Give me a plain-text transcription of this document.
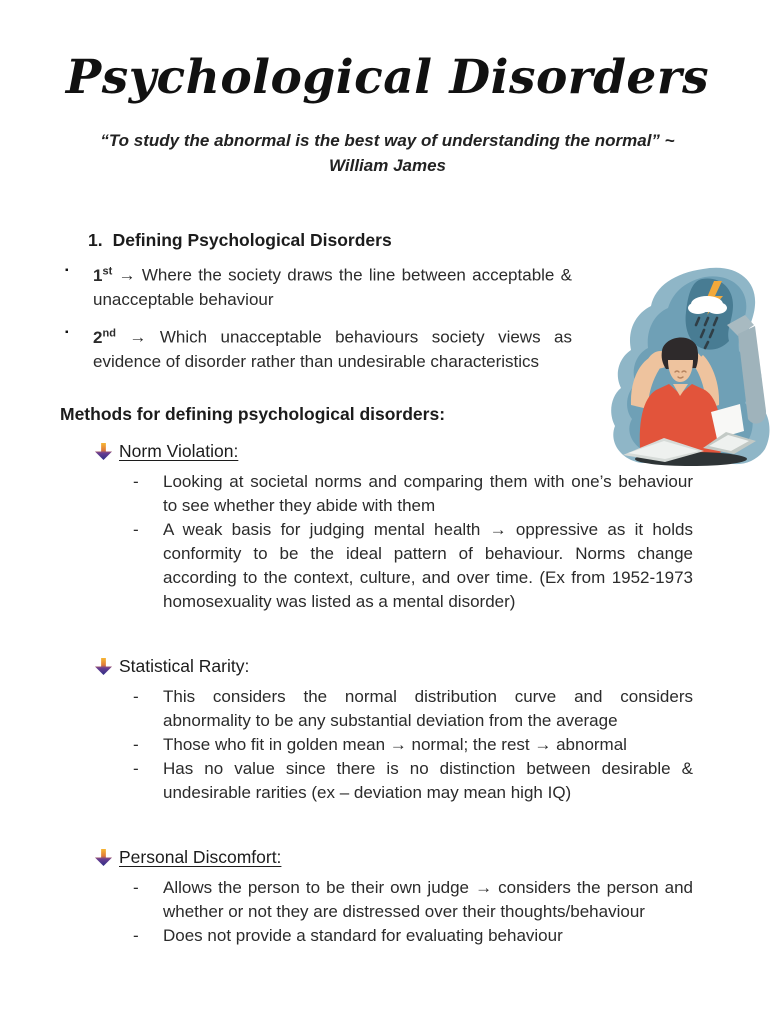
Psychological Disorders

“To study the abnormal is the best way of understanding the normal” ~
William James

1. Defining Psychological Disorders
▪	1st → Where the society draws the line between acceptable & unacceptable behaviour

▪	2nd → Which unacceptable behaviours society views as evidence of disorder rather than undesirable characteristics

Methods for defining psychological disorders:
Norm Violation:
-	Looking at societal norms and comparing them with one’s behaviour to see whether they abide with them

-	A weak basis for judging mental health → oppressive as it holds conformity to be the ideal pattern of behaviour. Norms change according to the context, culture, and over time. (Ex from 1952-1973 homosexuality was listed as a mental disorder)

Statistical Rarity:
-	This considers the normal distribution curve and considers abnormality to be any substantial deviation from the average

-	Those who fit in golden mean → normal; the rest → abnormal

-	Has no value since there is no distinction between desirable & undesirable rarities (ex – deviation may mean high IQ)

Personal Discomfort:
-	Allows the person to be their own judge → considers the person and whether or not they are distressed over their thoughts/behaviour

-	Does not provide a standard for evaluating behaviour
